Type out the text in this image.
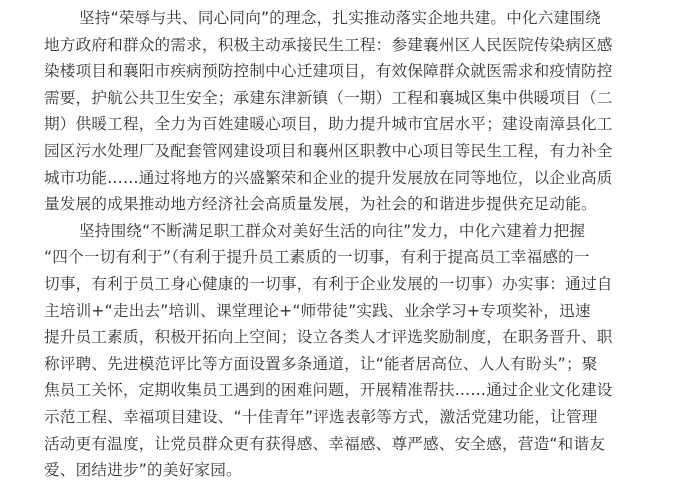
坚持“荣辱与共、同心同向”的理念，扎实推动落实企地共建。中化六建围绕
地方政府和群众的需求，积极主动承接民生工程：参建襄州区人民医院传染病区感
染楼项目和襄阳市疾病预防控制中心迁建项目，有效保障群众就医需求和疫情防控
需要，护航公共卫生安全；承建东津新镇（一期）工程和襄城区集中供暖项目（二
期）供暖工程，全力为百姓建暖心项目，助力提升城市宜居水平；建设南漳县化工
园区污水处理厂及配套管网建设项目和襄州区职教中心项目等民生工程，有力补全
城市功能……通过将地方的兴盛繁荣和企业的提升发展放在同等地位，以企业高质
量发展的成果推动地方经济社会高质量发展，为社会的和谐进步提供充足动能。
坚持围绕“不断满足职工群众对美好生活的向往”发力，中化六建着力把握
“四个一切有利于”（有利于提升员工素质的一切事，有利于提高员工幸福感的一
切事，有利于员工身心健康的一切事，有利于企业发展的一切事）办实事：通过自
主培训+“走出去”培训、课堂理论+“师带徒”实践、业余学习+专项奖补，迅速
提升员工素质，积极开拓向上空间；设立各类人才评选奖励制度，在职务晋升、职
称评聘、先进模范评比等方面设置多条通道，让“能者居高位、人人有盼头”；聚
焦员工关怀，定期收集员工遇到的困难问题，开展精准帮扶……通过企业文化建设
示范工程、幸福项目建设、“十佳青年”评选表彰等方式，激活党建功能，让管理
活动更有温度，让党员群众更有获得感、幸福感、尊严感、安全感，营造“和谐友
爱、团结进步”的美好家园。
